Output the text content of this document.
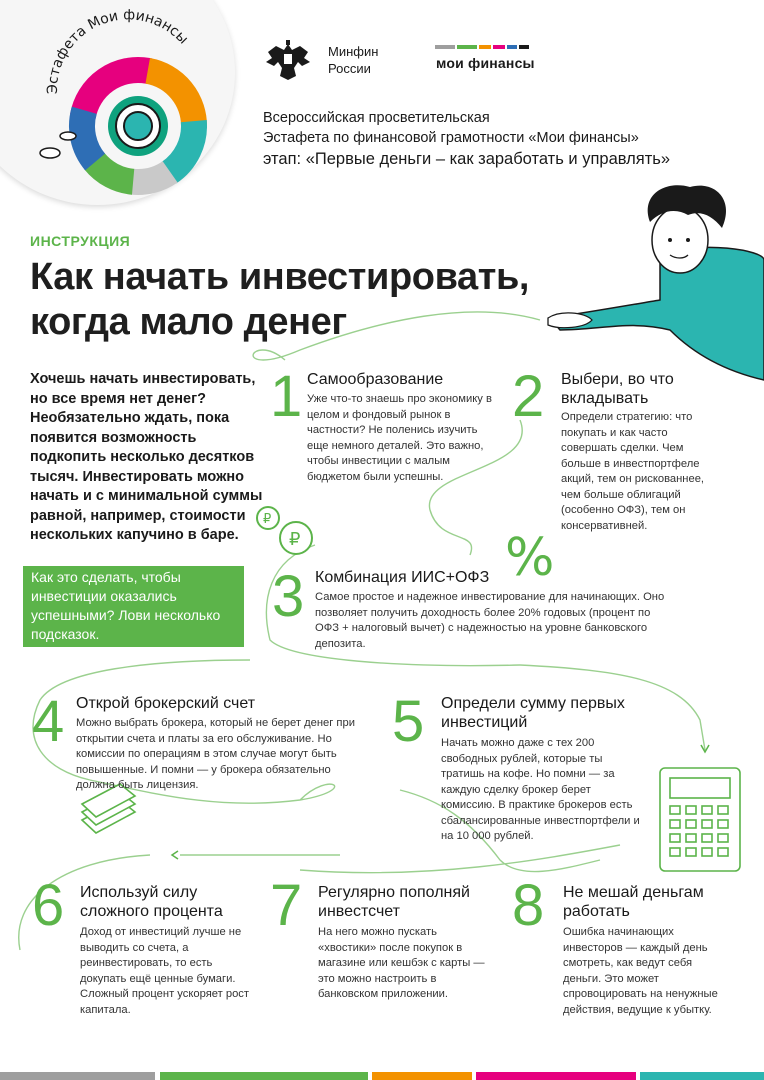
Эстафета Мои финансы
Минфин
России	мои финансы
Всероссийская просветительская
Эстафета по финансовой грамотности «Мои финансы»
этап: «Первые деньги – как заработать и управлять»
₽
₽	%
ИНСТРУКЦИЯ
Как начать инвестировать,
когда мало денег
Хочешь начать инвестировать, но все время нет денег? Необязательно ждать, пока появится возможность подкопить несколько десятков тысяч. Инвестировать можно начать и с минимальной суммы равной, например, стоимости нескольких капучино в баре.
Как это сделать, чтобы инвестиции оказались успешными? Лови несколько подсказок.
1 Самообразование
Уже что-то знаешь про экономику в целом и фондовый рынок в частности? Не поленись изучить еще немного деталей. Это важно, чтобы инвестиции с малым бюджетом были успешны.
2 Выбери, во что вкладывать
Определи стратегию: что покупать и как часто совершать сделки. Чем больше в инвестпортфеле акций, тем он рискованнее, чем больше облигаций (особенно ОФЗ), тем он консервативней.
3 Комбинация ИИС+ОФЗ
Самое простое и надежное инвестирование для начинающих. Оно позволяет получить доходность более 20% годовых (процент по ОФЗ + налоговый вычет) с надежностью на уровне банковского депозита.
4 Открой брокерский счет
Можно выбрать брокера, который не берет денег при открытии счета и платы за его обслуживание. Но комиссии по операциям в этом случае могут быть повышенные. И помни — у брокера обязательно должна быть лицензия.
5 Определи сумму первых инвестиций
Начать можно даже с тех 200 свободных рублей, которые ты тратишь на кофе. Но помни — за каждую сделку брокер берет комиссию. В практике брокеров есть сбалансированные инвестпортфели и на 10 000 рублей.
6 Используй силу сложного процента
Доход от инвестиций лучше не выводить со счета, а реинвестировать, то есть докупать ещё ценные бумаги. Сложный процент ускоряет рост капитала.
7 Регулярно пополняй инвестсчет
На него можно пускать «хвостики» после покупок в магазине или кешбэк с карты — это можно настроить в банковском приложении.
8 Не мешай деньгам работать
Ошибка начинающих инвесторов — каждый день смотреть, как ведут себя деньги. Это может спровоцировать на ненужные действия, ведущие к убытку.
